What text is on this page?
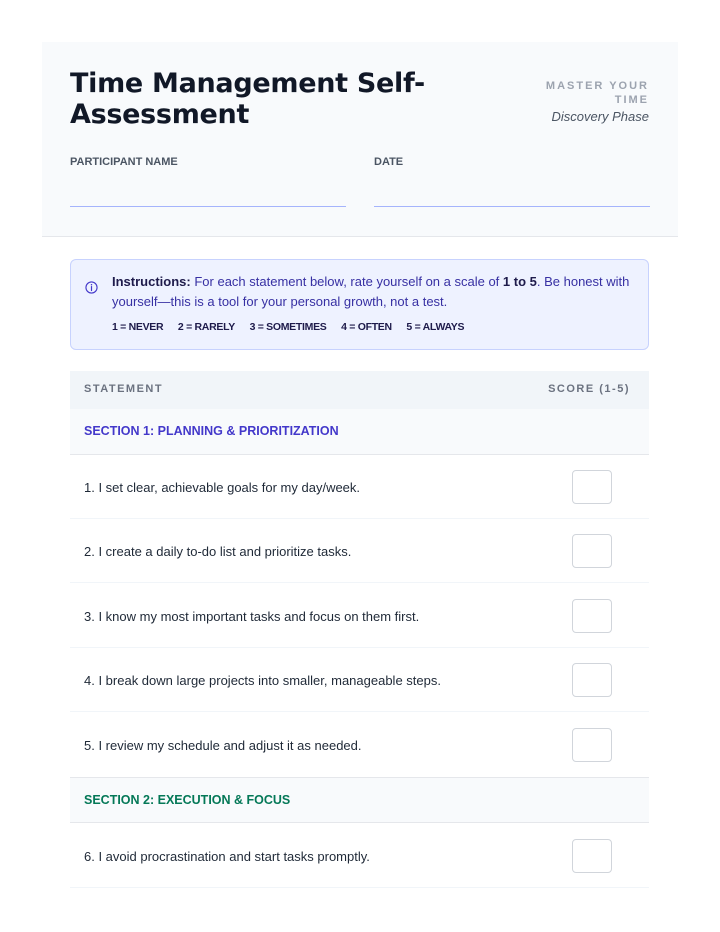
Time Management Self-Assessment
MASTER YOUR TIME
Discovery Phase
PARTICIPANT NAME	DATE
Instructions: For each statement below, rate yourself on a scale of 1 to 5. Be honest with yourself—this is a tool for your personal growth, not a test.
1 = NEVER 2 = RARELY 3 = SOMETIMES 4 = OFTEN 5 = ALWAYS
STATEMENT	SCORE (1-5)
SECTION 1: PLANNING & PRIORITIZATION
1. I set clear, achievable goals for my day/week.
2. I create a daily to-do list and prioritize tasks.
3. I know my most important tasks and focus on them first.
4. I break down large projects into smaller, manageable steps.
5. I review my schedule and adjust it as needed.
SECTION 2: EXECUTION & FOCUS
6. I avoid procrastination and start tasks promptly.
